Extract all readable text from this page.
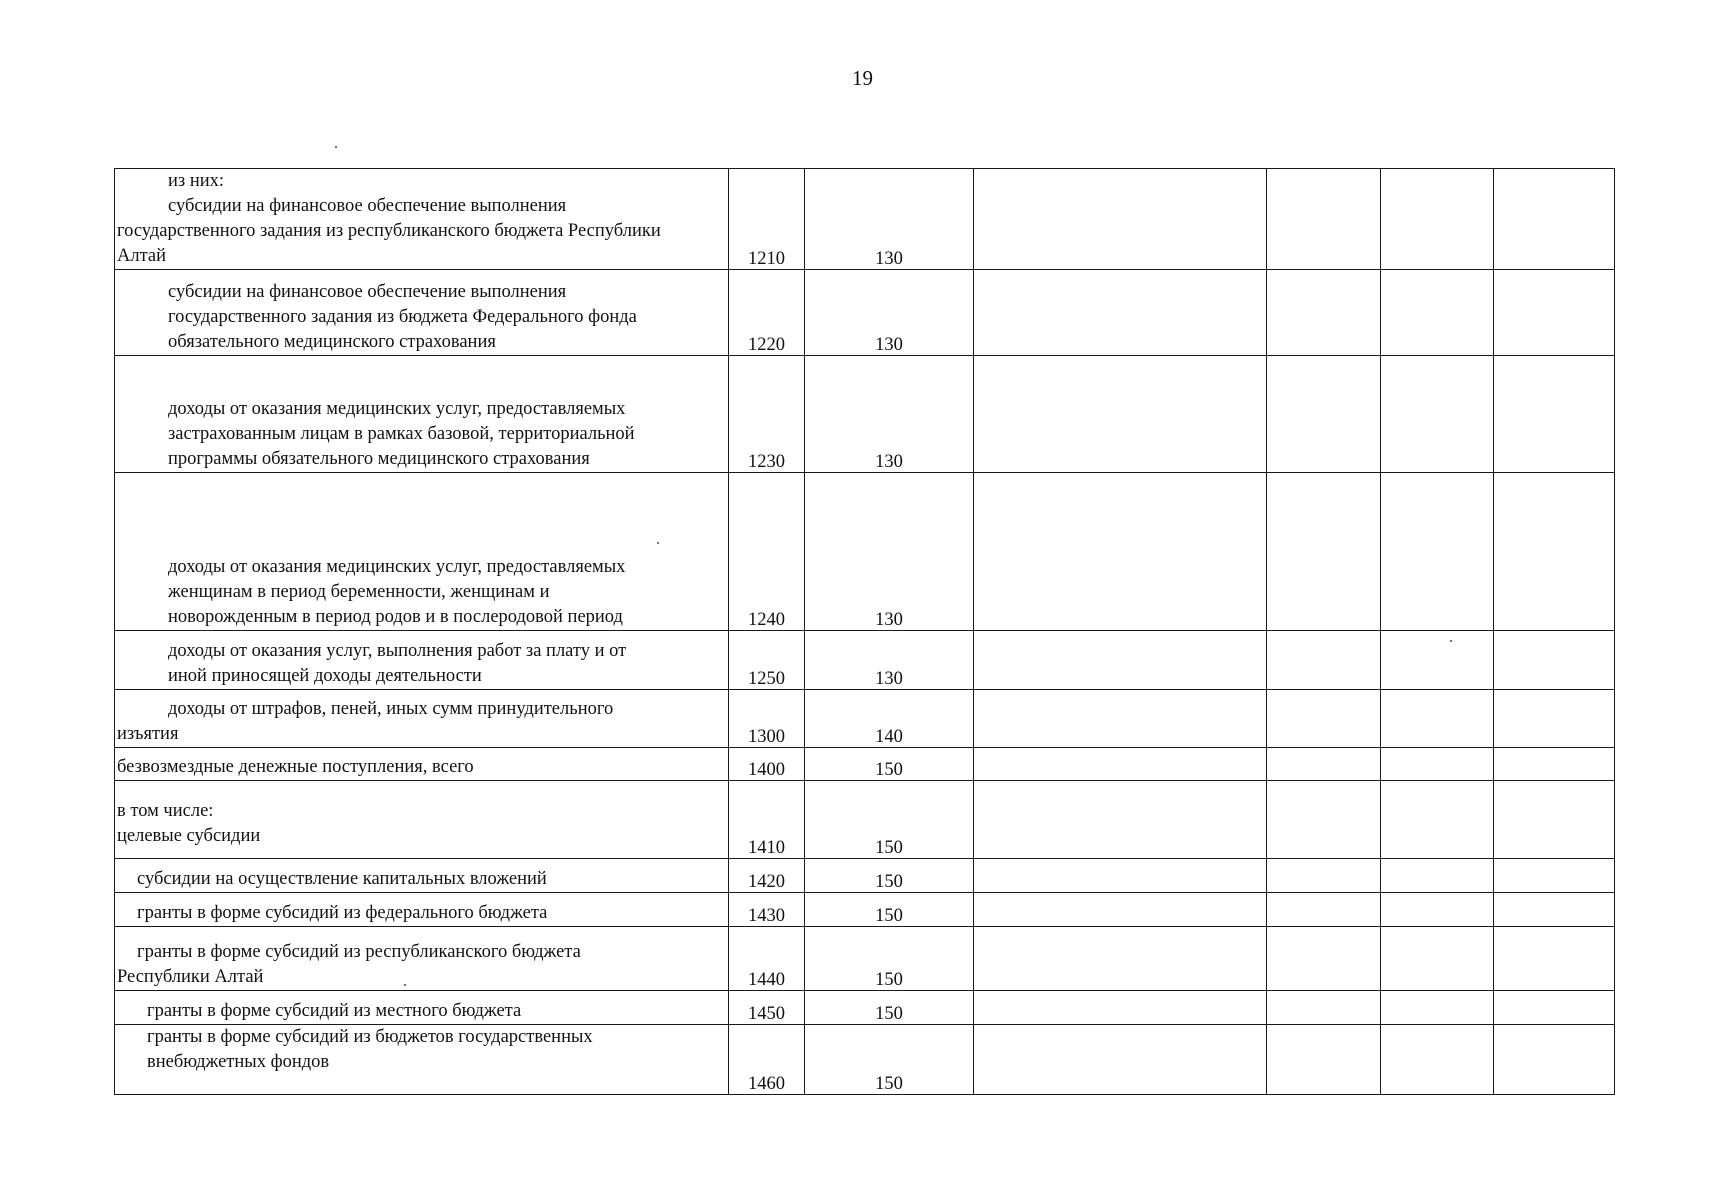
19
из них:
субсидии на финансовое обеспечение выполнения
государственного задания из республиканского бюджета Республики
Алтай	1210	130				

субсидии на финансовое обеспечение выполнения
государственного задания из бюджета Федерального фонда
обязательного медицинского страхования	1220	130				

доходы от оказания медицинских услуг, предоставляемых
застрахованным лицам в рамках базовой, территориальной
программы обязательного медицинского страхования	1230	130				

доходы от оказания медицинских услуг, предоставляемых
женщинам в период беременности, женщинам и
новорожденным в период родов и в послеродовой период	1240	130				

доходы от оказания услуг, выполнения работ за плату и от
иной приносящей доходы деятельности	1250	130				

доходы от штрафов, пеней, иных сумм принудительного
изъятия	1300	140				

безвозмездные денежные поступления, всего	1400	150				

в том числе:
целевые субсидии	1410	150				

субсидии на осуществление капитальных вложений	1420	150				

гранты в форме субсидий из федерального бюджета	1430	150				

гранты в форме субсидий из республиканского бюджета
Республики Алтай	1440	150				

гранты в форме субсидий из местного бюджета	1450	150				

гранты в форме субсидий из бюджетов государственных
внебюджетных фондов	1460	150				
